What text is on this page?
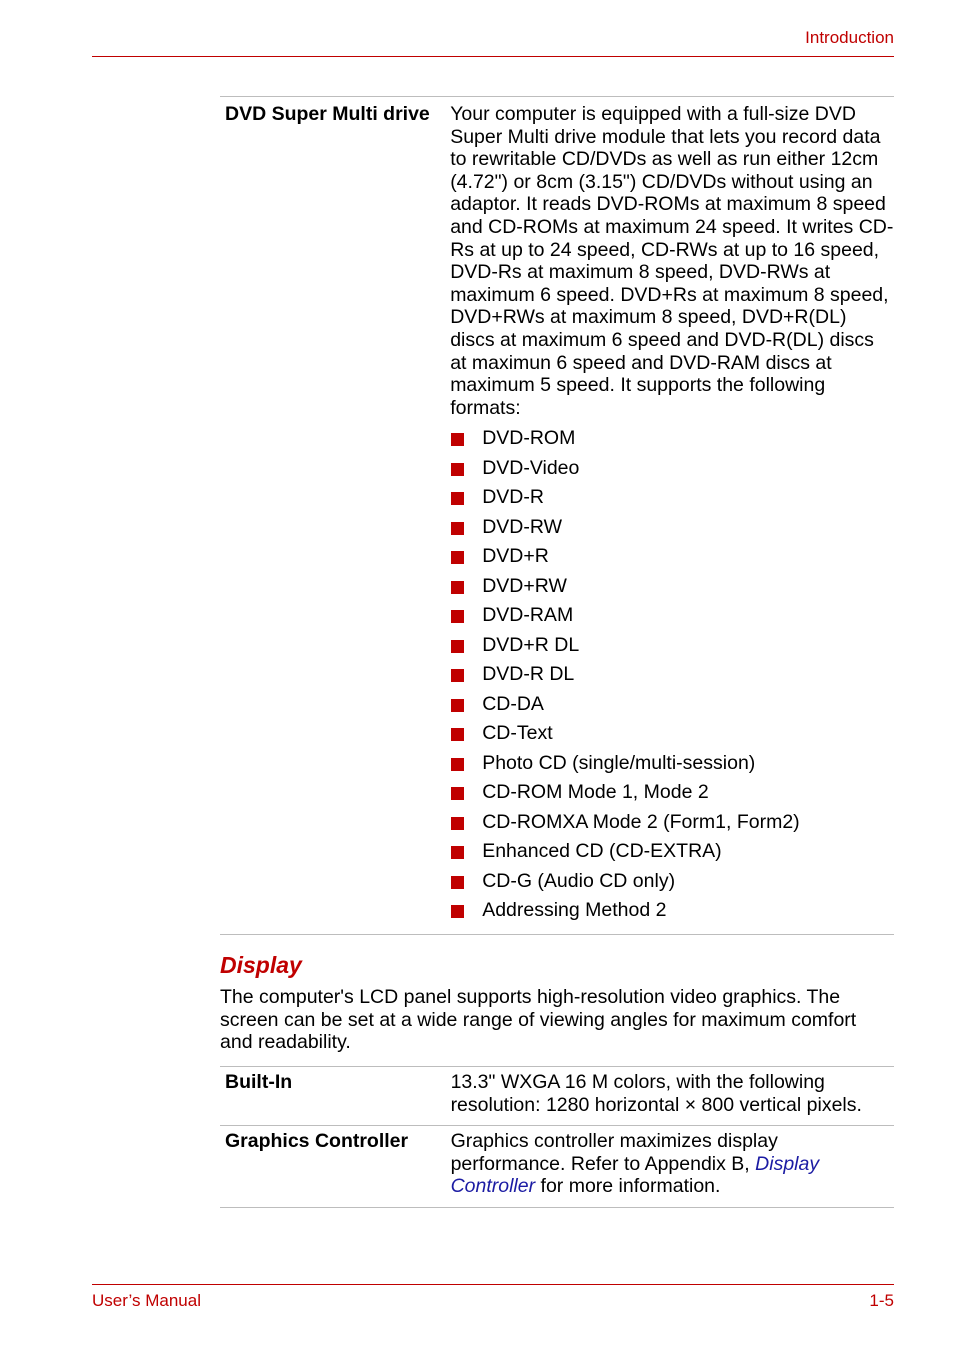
Introduction
DVD Super Multi drive	Your computer is equipped with a full-size DVD Super Multi drive module that lets you record data to rewritable CD/DVDs as well as run either 12cm (4.72") or 8cm (3.15") CD/DVDs without using an adaptor. It reads DVD-ROMs at maximum 8 speed and CD-ROMs at maximum 24 speed. It writes CD-Rs at up to 24 speed, CD-RWs at up to 16 speed, DVD-Rs at maximum 8 speed, DVD-RWs at maximum 6 speed. DVD+Rs at maximum 8 speed, DVD+RWs at maximum 8 speed, DVD+R(DL) discs at maximum 6 speed and DVD-R(DL) discs at maximun 6 speed and DVD-RAM discs at maximum 5 speed. It supports the following formats:
DVD-ROM
DVD-Video
DVD-R
DVD-RW
DVD+R
DVD+RW
DVD-RAM
DVD+R DL
DVD-R DL
CD-DA
CD-Text
Photo CD (single/multi-session)
CD-ROM Mode 1, Mode 2
CD-ROMXA Mode 2 (Form1, Form2)
Enhanced CD (CD-EXTRA)
CD-G (Audio CD only)
Addressing Method 2
Display

The computer's LCD panel supports high-resolution video graphics. The screen can be set at a wide range of viewing angles for maximum comfort and readability.

Built-In	13.3" WXGA 16 M colors, with the following resolution: 1280 horizontal × 800 vertical pixels.
Graphics Controller	Graphics controller maximizes display performance. Refer to Appendix B, Display Controller for more information.
User’s Manual	1-5
